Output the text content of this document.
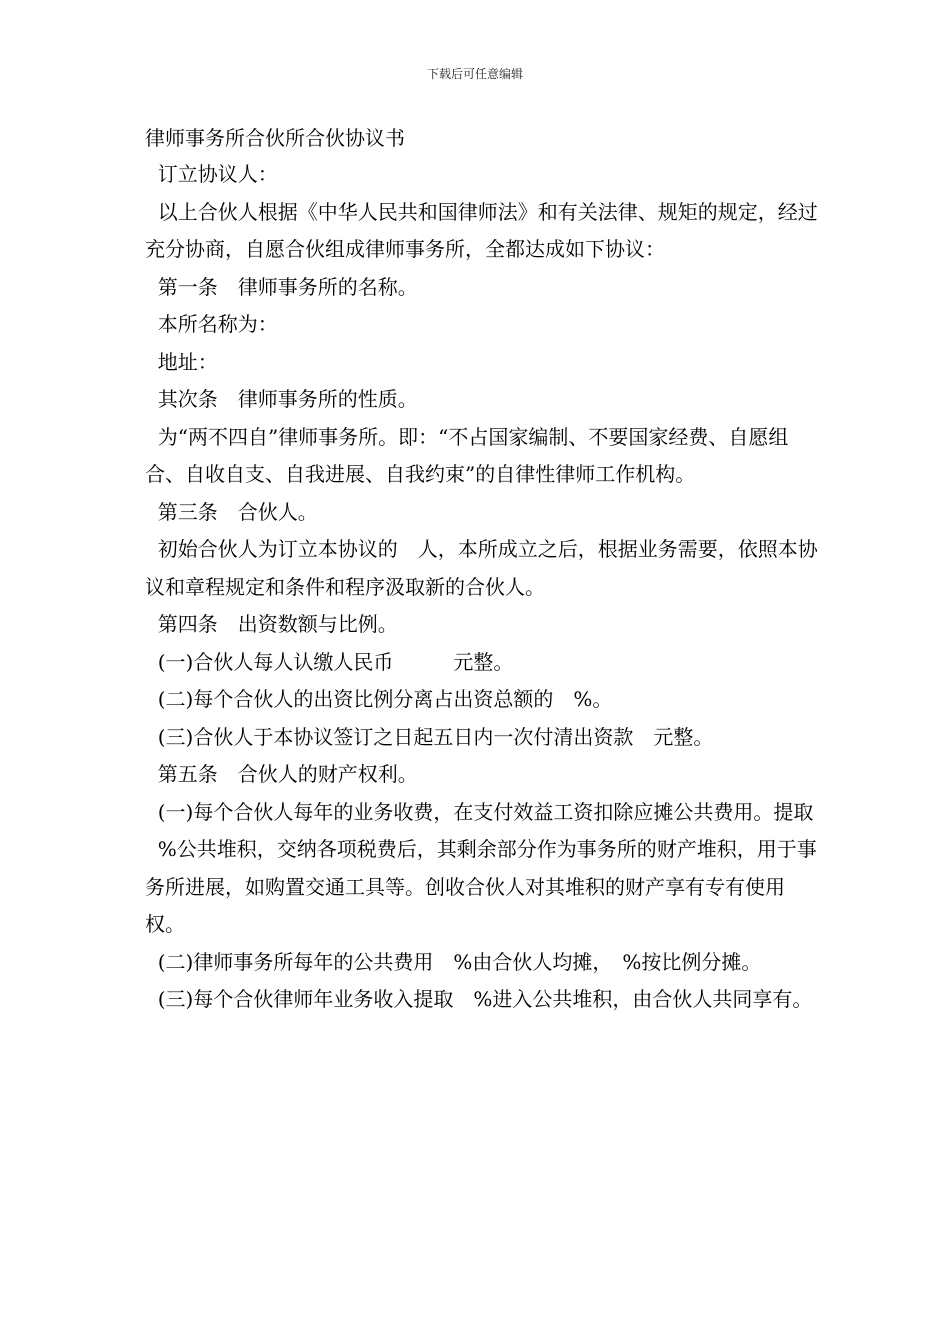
下载后可任意编辑
律师事务所合伙所合伙协议书

订立协议人：

以上合伙人根据《中华人民共和国律师法》和有关法律、规矩的规定，经过充分协商，自愿合伙组成律师事务所，全都达成如下协议：

第一条　律师事务所的名称。

本所名称为：

地址：

其次条　律师事务所的性质。

为“两不四自”律师事务所。即：“不占国家编制、不要国家经费、自愿组合、自收自支、自我进展、自我约束”的自律性律师工作机构。

第三条　合伙人。

初始合伙人为订立本协议的　人，本所成立之后，根据业务需要，依照本协议和章程规定和条件和程序汲取新的合伙人。

第四条　出资数额与比例。

(一)合伙人每人认缴人民币　　　元整。

(二)每个合伙人的出资比例分离占出资总额的　%。

(三)合伙人于本协议签订之日起五日内一次付清出资款　元整。

第五条　合伙人的财产权利。

(一)每个合伙人每年的业务收费，在支付效益工资扣除应摊公共费用。提取

%公共堆积，交纳各项税费后，其剩余部分作为事务所的财产堆积，用于事务所进展，如购置交通工具等。创收合伙人对其堆积的财产享有专有使用权。

(二)律师事务所每年的公共费用　%由合伙人均摊，　%按比例分摊。

(三)每个合伙律师年业务收入提取　%进入公共堆积，由合伙人共同享有。
